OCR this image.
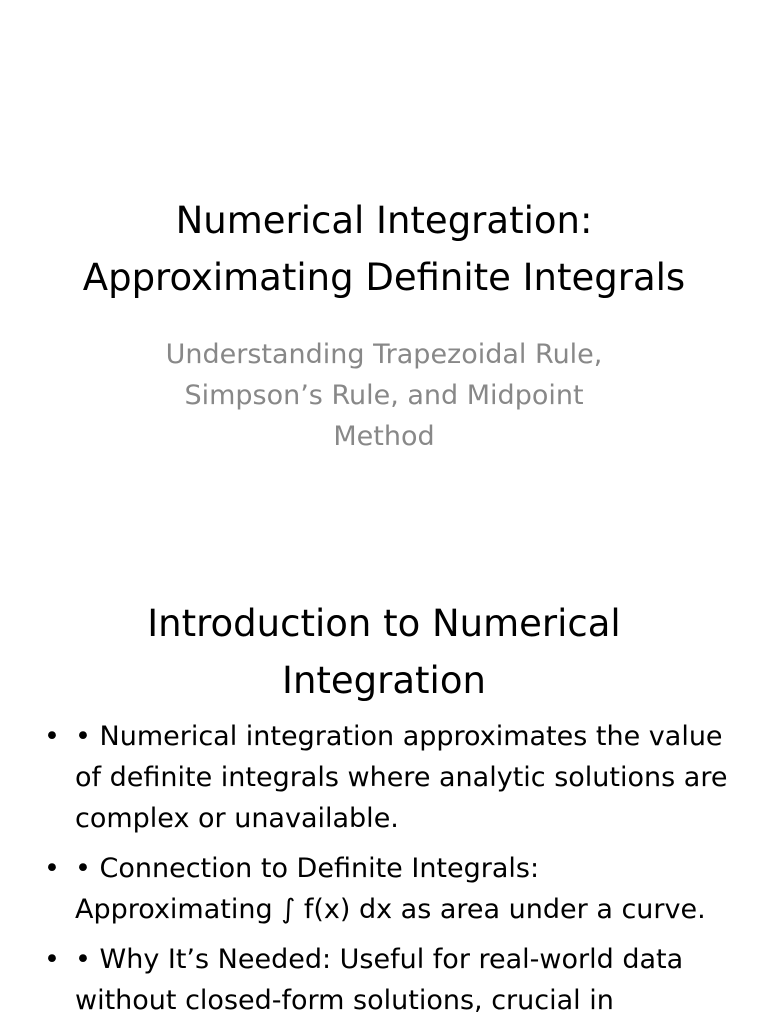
Numerical Integration:
Approximating Definite Integrals

Understanding Trapezoidal Rule, Simpson’s Rule, and Midpoint Method

Introduction to Numerical
Integration
• • Numerical integration approximates the value of definite integrals where analytic solutions are complex or unavailable.
• • Connection to Definite Integrals: Approximating ∫ f(x) dx as area under a curve.
• • Why It’s Needed: Useful for real-world data without closed-form solutions, crucial in
